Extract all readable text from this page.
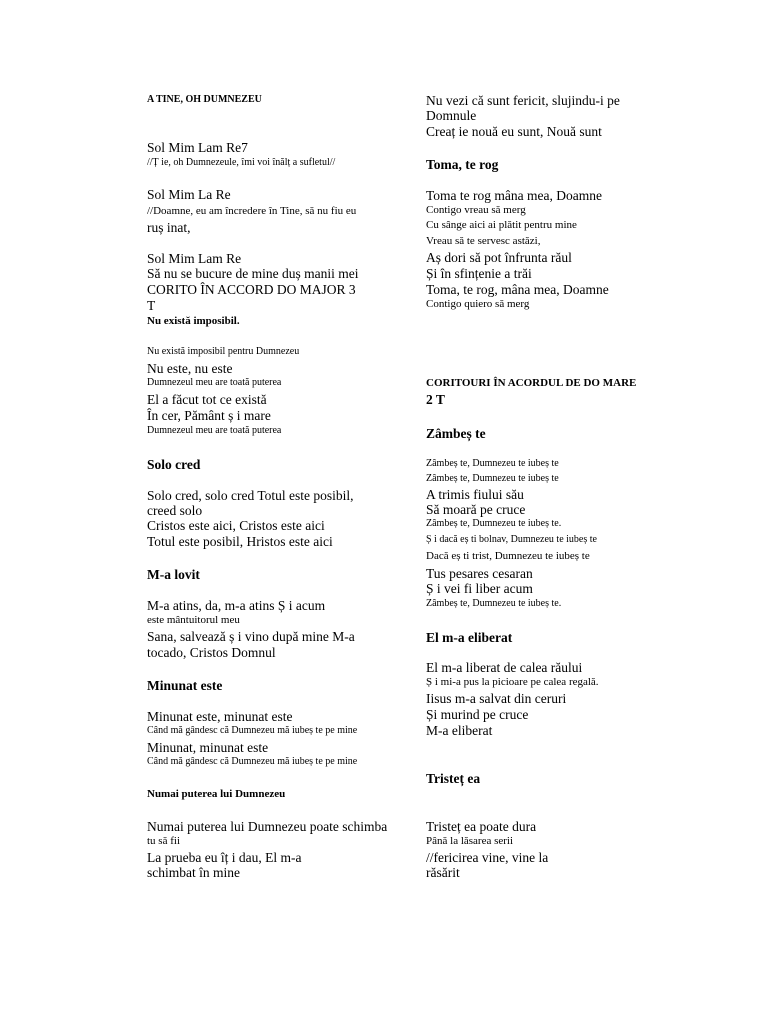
A TINE, OH DUMNEZEU
Sol Mim Lam Re7
//Ț ie, oh Dumnezeule, îmi voi înălț a sufletul//
Sol Mim La Re
//Doamne, eu am încredere în Tine, să nu fiu eu
ruș inat,
Sol Mim Lam Re
Să nu se bucure de mine duș manii mei
CORITO ÎN ACCORD DO MAJOR 3
T
Nu există imposibil.
Nu există imposibil pentru Dumnezeu
Nu este, nu este
Dumnezeul meu are toată puterea
El a făcut tot ce există
În cer, Pământ ș i mare
Dumnezeul meu are toată puterea
Solo cred
Solo cred, solo cred Totul este posibil,
creed solo
Cristos este aici, Cristos este aici
Totul este posibil, Hristos este aici
M-a lovit
M-a atins, da, m-a atins Ș i acum
este mântuitorul meu
Sana, salvează ș i vino după mine M-a
tocado, Cristos Domnul
Minunat este
Minunat este, minunat este
Când mă gândesc că Dumnezeu mă iubeș te pe mine
Minunat, minunat este
Când mă gândesc că Dumnezeu mă iubeș te pe mine
Numai puterea lui Dumnezeu
Numai puterea lui Dumnezeu poate schimba
tu să fii
La prueba eu îț i dau, El m-a
schimbat în mine
Nu vezi că sunt fericit, slujindu-i pe
Domnule
Creaț ie nouă eu sunt, Nouă sunt
Toma, te rog
Toma te rog mâna mea, Doamne
Contigo vreau să merg
Cu sânge aici ai plătit pentru mine
Vreau să te servesc astăzi,
Aș dori să pot înfrunta răul
Și în sfințenie a trăi
Toma, te rog, mâna mea, Doamne
Contigo quiero să merg
CORITOURI ÎN ACORDUL DE DO MARE
2 T
Zâmbeș te
Zâmbeș te, Dumnezeu te iubeș te
Zâmbeș te, Dumnezeu te iubeș te
A trimis fiului său
Să moară pe cruce
Zâmbeș te, Dumnezeu te iubeș te.
Ș i dacă eș ti bolnav, Dumnezeu te iubeș te
Dacă eș ti trist, Dumnezeu te iubeș te
Tus pesares cesaran
Ș i vei fi liber acum
Zâmbeș te, Dumnezeu te iubeș te.
El m-a eliberat
El m-a liberat de calea răului
Ș i mi-a pus la picioare pe calea regală.
Iisus m-a salvat din ceruri
Și murind pe cruce
M-a eliberat
Tristeț ea
Tristeț ea poate dura
Până la lăsarea serii
//fericirea vine, vine la
răsărit
